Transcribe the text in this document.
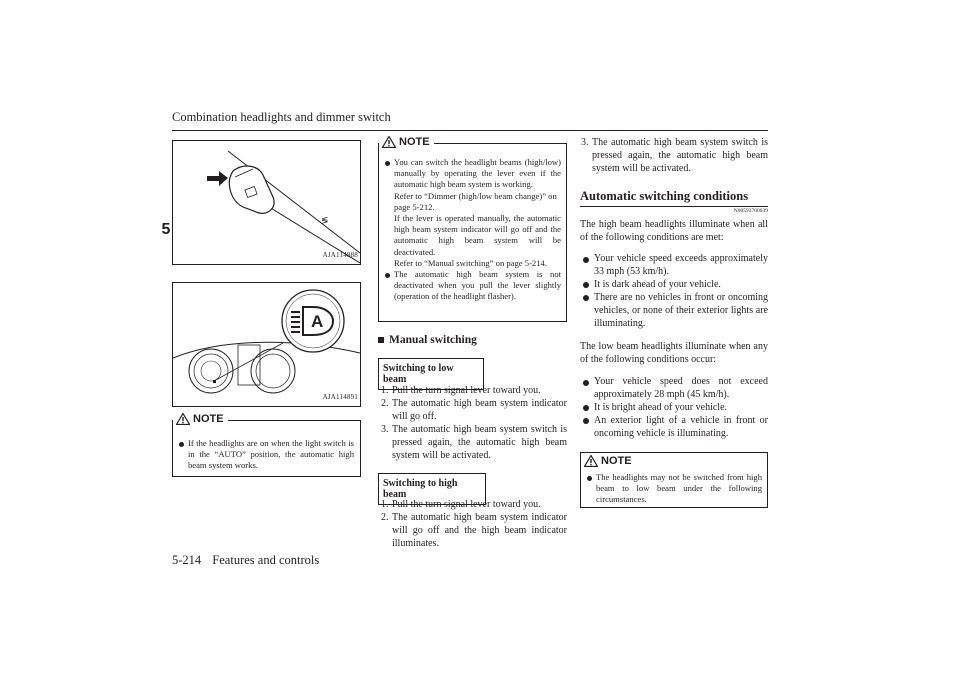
Combination headlights and dimmer switch
5	≶
AJA114888
A
AJA114891
NOTE
If the headlights are on when the light switch is in the “AUTO” position, the automatic high beam system works.
NOTE
You can switch the headlight beams (high/low) manually by operating the lever even if the automatic high beam system is working.
Refer to “Dimmer (high/low beam change)” on page 5-212.
If the lever is operated manually, the automatic high beam system indicator will go off and the automatic high beam system will be deactivated.
Refer to “Manual switching” on page 5-214.
The automatic high beam system is not deactivated when you pull the lever slightly (operation of the headlight flasher).
Manual switching
Switching to low beam
1. Pull the turn signal lever toward you.
2. The automatic high beam system indicator will go off.
3. The automatic high beam system switch is pressed again, the automatic high beam system will be activated.
Switching to high beam
1. Pull the turn signal lever toward you.
2. The automatic high beam system indicator will go off and the high beam indicator illuminates.
3. The automatic high beam system switch is pressed again, the automatic high beam system will be activated.
Automatic switching conditions
N00593700039
The high beam headlights illuminate when all of the following conditions are met:
Your vehicle speed exceeds approximately 33 mph (53 km/h).
It is dark ahead of your vehicle.
There are no vehicles in front or oncoming vehicles, or none of their exterior lights are illuminating.
The low beam headlights illuminate when any of the following conditions occur:
Your vehicle speed does not exceed approximately 28 mph (45 km/h).
It is bright ahead of your vehicle.
An exterior light of a vehicle in front or oncoming vehicle is illuminating.
NOTE
The headlights may not be switched from high beam to low beam under the following circumstances.
5-214 Features and controls
